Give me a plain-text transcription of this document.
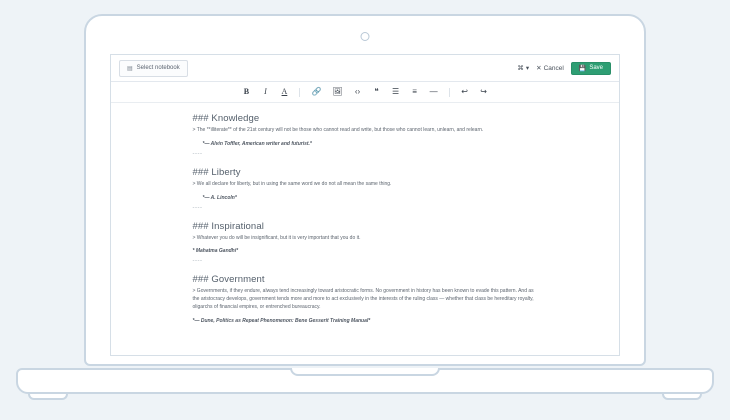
▤ Select notebook	⌘ ▾ ✕ Cancel	💾 Save
B	I	A	🔗 🖼 ‹› ❝ ☰ ≡ —	↩ ↪
### Knowledge
> The **illiterate** of the 21st century will not be those who cannot read and write, but those who cannot learn, unlearn, and relearn.
*— Alvin Toffler, American writer and futurist.*
----
### Liberty
> We all declare for liberty, but in using the same word we do not all mean the same thing.
*— A. Lincoln*
----
### Inspirational
> Whatever you do will be insignificant, but it is very important that you do it.
* Mahatma Gandhi*
----
### Government
> Governments, if they endure, always tend increasingly toward aristocratic forms. No government in history has been known to evade this pattern. And as the aristocracy develops, government tends more and more to act exclusively in the interests of the ruling class — whether that class be hereditary royalty, oligarchs of financial empires, or entrenched bureaucracy.
*— Dune, Politics as Repeat Phenomenon: Bene Gesserit Training Manual*
